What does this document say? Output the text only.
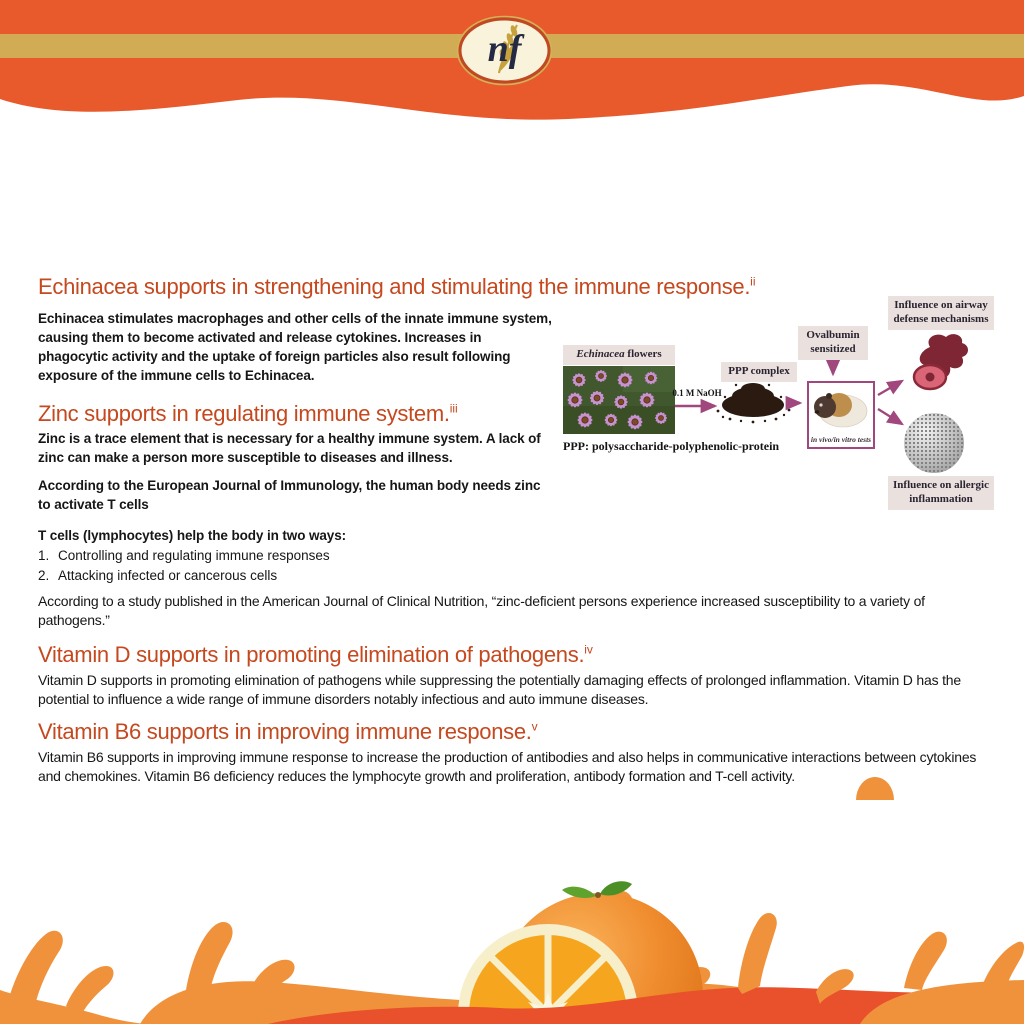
nf
Echinacea supports in strengthening and stimulating the immune response.$^{ii}$
Echinacea stimulates macrophages and other cells of the innate immune system, causing them to become activated and release cytokines. Increases in phagocytic activity and the uptake of foreign particles also result following exposure of the immune cells to Echinacea.
Zinc supports in regulating immune system.$^{iii}$
Zinc is a trace element that is necessary for a healthy immune system. A lack of zinc can make a person more susceptible to diseases and illness.
According to the European Journal of Immunology, the human body needs zinc to activate T cells
T cells (lymphocytes) help the body in two ways:
1. Controlling and regulating immune responses
2. Attacking infected or cancerous cells
According to a study published in the American Journal of Clinical Nutrition, “zinc-deficient persons experience increased susceptibility to a variety of pathogens.”
Vitamin D supports in promoting elimination of pathogens.$^{iv}$
Vitamin D supports in promoting elimination of pathogens while suppressing the potentially damaging effects of prolonged inflammation. Vitamin D has the potential to influence a wide range of immune disorders notably infectious and auto immune diseases.
Vitamin B6 supports in improving immune response.$^v$
Vitamin B6 supports in improving immune response to increase the production of antibodies and also helps in communicative interactions between cytokines and chemokines. Vitamin B6 deficiency reduces the lymphocyte growth and proliferation, antibody formation and T-cell activity.
Echinacea flowers
PPP: polysaccharide-polyphenolic-protein
0.1 M NaOH
PPP complex
Ovalbumin sensitized
in vivo/in vitro tests
Influence on airway defense mechanisms
Influence on allergic inflammation
